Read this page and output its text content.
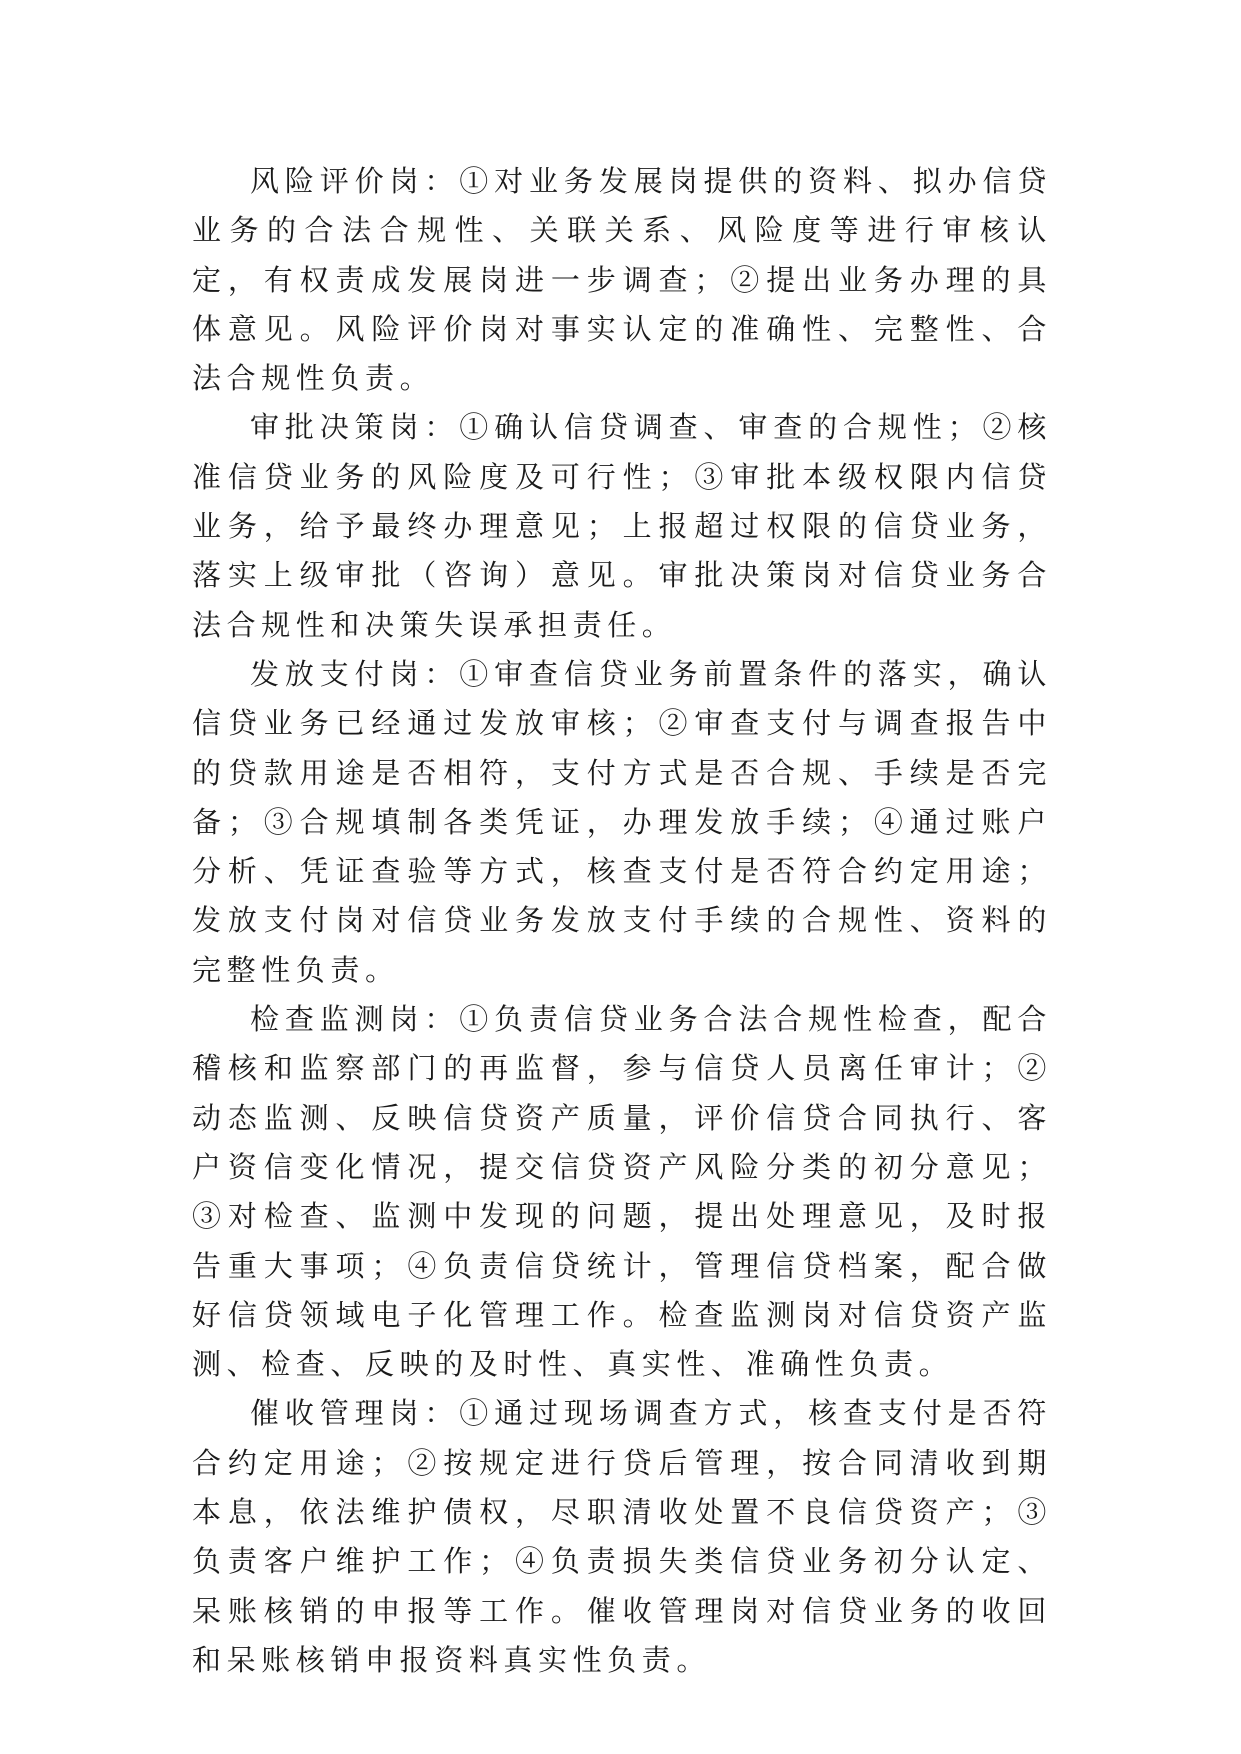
风险评价岗：①对业务发展岗提供的资料、拟办信贷业务的合法合规性、关联关系、风险度等进行审核认定，有权责成发展岗进一步调查；②提出业务办理的具体意见。风险评价岗对事实认定的准确性、完整性、合法合规性负责。

审批决策岗：①确认信贷调查、审查的合规性；②核准信贷业务的风险度及可行性；③审批本级权限内信贷业务，给予最终办理意见；上报超过权限的信贷业务，落实上级审批（咨询）意见。审批决策岗对信贷业务合法合规性和决策失误承担责任。

发放支付岗：①审查信贷业务前置条件的落实，确认信贷业务已经通过发放审核；②审查支付与调查报告中的贷款用途是否相符，支付方式是否合规、手续是否完备；③合规填制各类凭证，办理发放手续；④通过账户分析、凭证查验等方式，核查支付是否符合约定用途；发放支付岗对信贷业务发放支付手续的合规性、资料的完整性负责。

检查监测岗：①负责信贷业务合法合规性检查，配合稽核和监察部门的再监督，参与信贷人员离任审计；②动态监测、反映信贷资产质量，评价信贷合同执行、客户资信变化情况，提交信贷资产风险分类的初分意见；③对检查、监测中发现的问题，提出处理意见，及时报告重大事项；④负责信贷统计，管理信贷档案，配合做好信贷领域电子化管理工作。检查监测岗对信贷资产监测、检查、反映的及时性、真实性、准确性负责。

催收管理岗：①通过现场调查方式，核查支付是否符合约定用途；②按规定进行贷后管理，按合同清收到期本息，依法维护债权，尽职清收处置不良信贷资产；③负责客户维护工作；④负责损失类信贷业务初分认定、呆账核销的申报等工作。催收管理岗对信贷业务的收回和呆账核销申报资料真实性负责。
